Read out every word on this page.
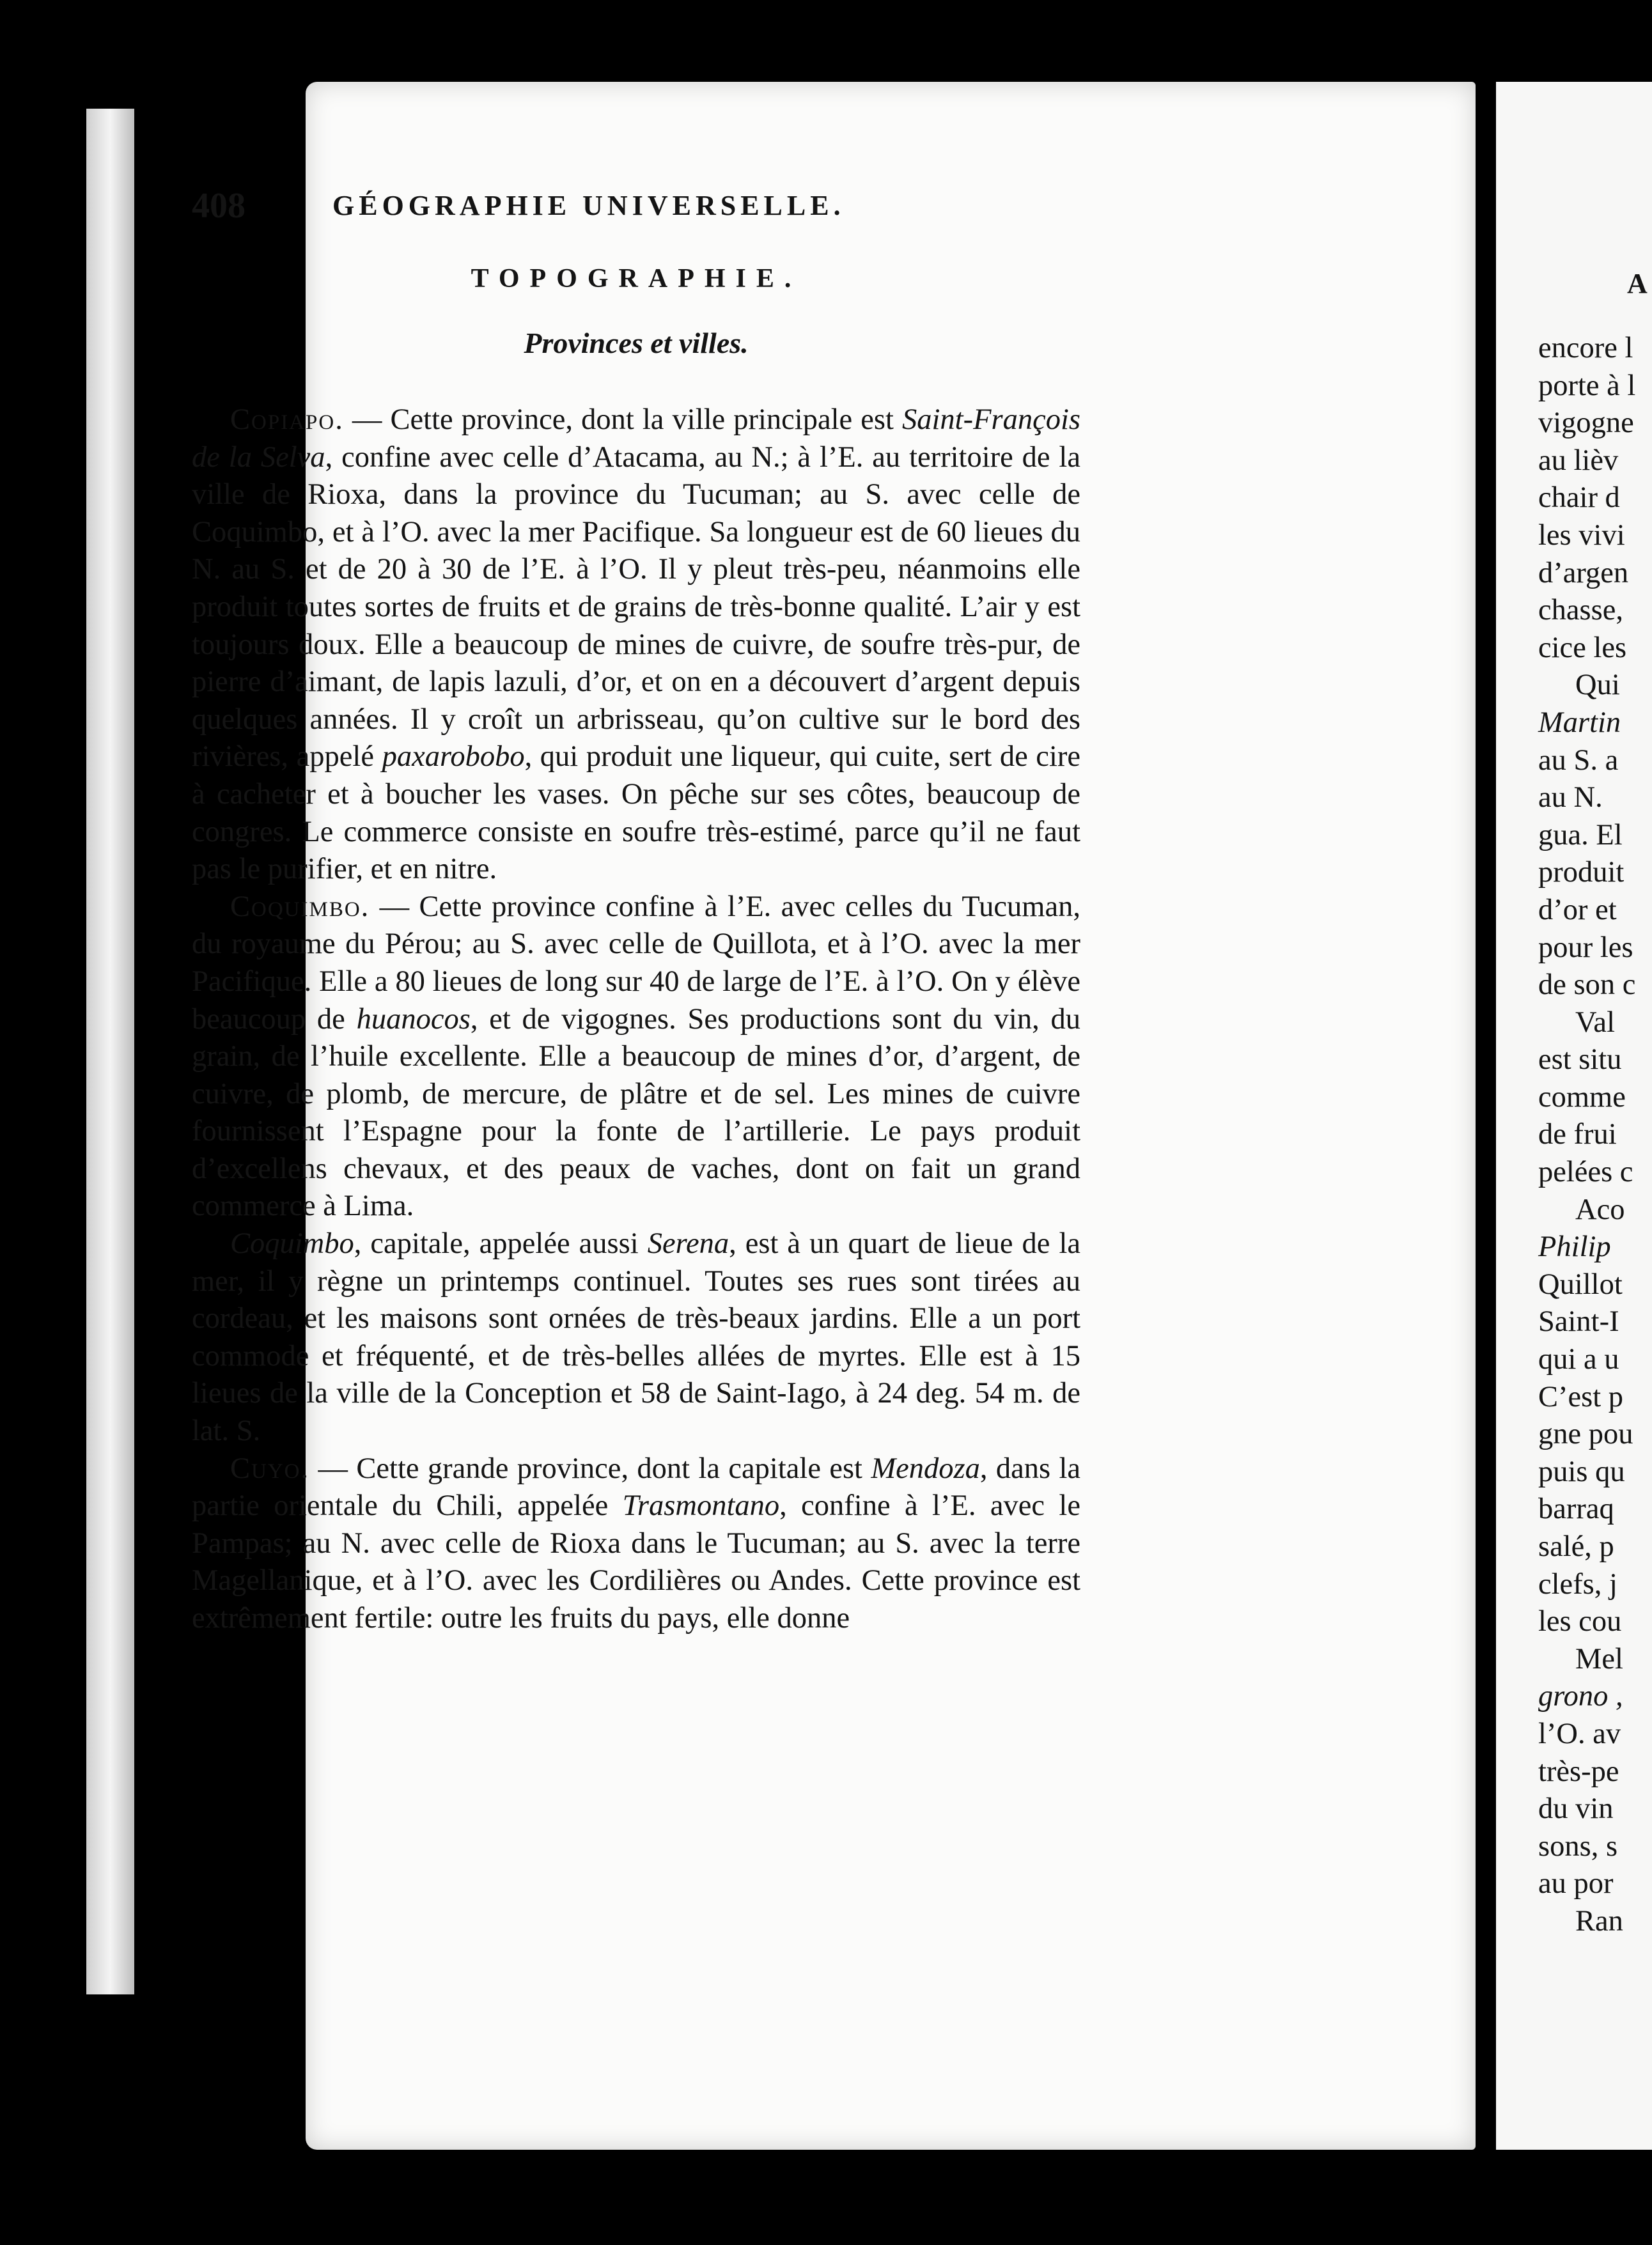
408	GÉOGRAPHIE UNIVERSELLE.
TOPOGRAPHIE.
Provinces et villes.

Copiapo. — Cette province, dont la ville principale est Saint-François de la Selva, confine avec celle d’Atacama, au N.; à l’E. au territoire de la ville de Rioxa, dans la province du Tucuman; au S. avec celle de Coquimbo, et à l’O. avec la mer Pacifique. Sa longueur est de 60 lieues du N. au S. et de 20 à 30 de l’E. à l’O. Il y pleut très-peu, néanmoins elle produit toutes sortes de fruits et de grains de très-bonne qualité. L’air y est toujours doux. Elle a beaucoup de mines de cuivre, de soufre très-pur, de pierre d’aimant, de lapis lazuli, d’or, et on en a découvert d’argent depuis quelques années. Il y croît un arbrisseau, qu’on cultive sur le bord des rivières, appelé paxarobobo, qui produit une liqueur, qui cuite, sert de cire à cacheter et à boucher les vases. On pêche sur ses côtes, beaucoup de congres. Le commerce consiste en soufre très-estimé, parce qu’il ne faut pas le purifier, et en nitre.

Coquimbo. — Cette province confine à l’E. avec celles du Tucuman, du royaume du Pérou; au S. avec celle de Quillota, et à l’O. avec la mer Pacifique. Elle a 80 lieues de long sur 40 de large de l’E. à l’O. On y élève beaucoup de huanocos, et de vigognes. Ses productions sont du vin, du grain, de l’huile excellente. Elle a beaucoup de mines d’or, d’argent, de cuivre, de plomb, de mercure, de plâtre et de sel. Les mines de cuivre fournissent l’Espagne pour la fonte de l’artillerie. Le pays produit d’excellens chevaux, et des peaux de vaches, dont on fait un grand commerce à Lima.

Coquimbo, capitale, appelée aussi Serena, est à un quart de lieue de la mer, il y règne un printemps continuel. Toutes ses rues sont tirées au cordeau, et les maisons sont ornées de très-beaux jardins. Elle a un port commode et fréquenté, et de très-belles allées de myrtes. Elle est à 15 lieues de la ville de la Conception et 58 de Saint-Iago, à 24 deg. 54 m. de lat. S.

Cuyo. — Cette grande province, dont la capitale est Mendoza, dans la partie orientale du Chili, appelée Trasmontano, confine à l’E. avec le Pampas; au N. avec celle de Rioxa dans le Tucuman; au S. avec la terre Magellanique, et à l’O. avec les Cordilières ou Andes. Cette province est extrêmement fertile: outre les fruits du pays, elle donne

A
encore l
porte à l
vigogne
au lièv
chair d
les vivi
d’argen
chasse,
cice les
Qui
Martin
au S. a
au N.
gua. El
produit
d’or et
pour les
de son c
Val
est situ
comme
de frui
pelées c
Aco
Philip
Quillot
Saint-I
qui a u
C’est p
gne pou
puis qu
barraq
salé, p
clefs, j
les cou
Mel
grono ,
l’O. av
très-pe
du vin
sons, s
au por
Ran
